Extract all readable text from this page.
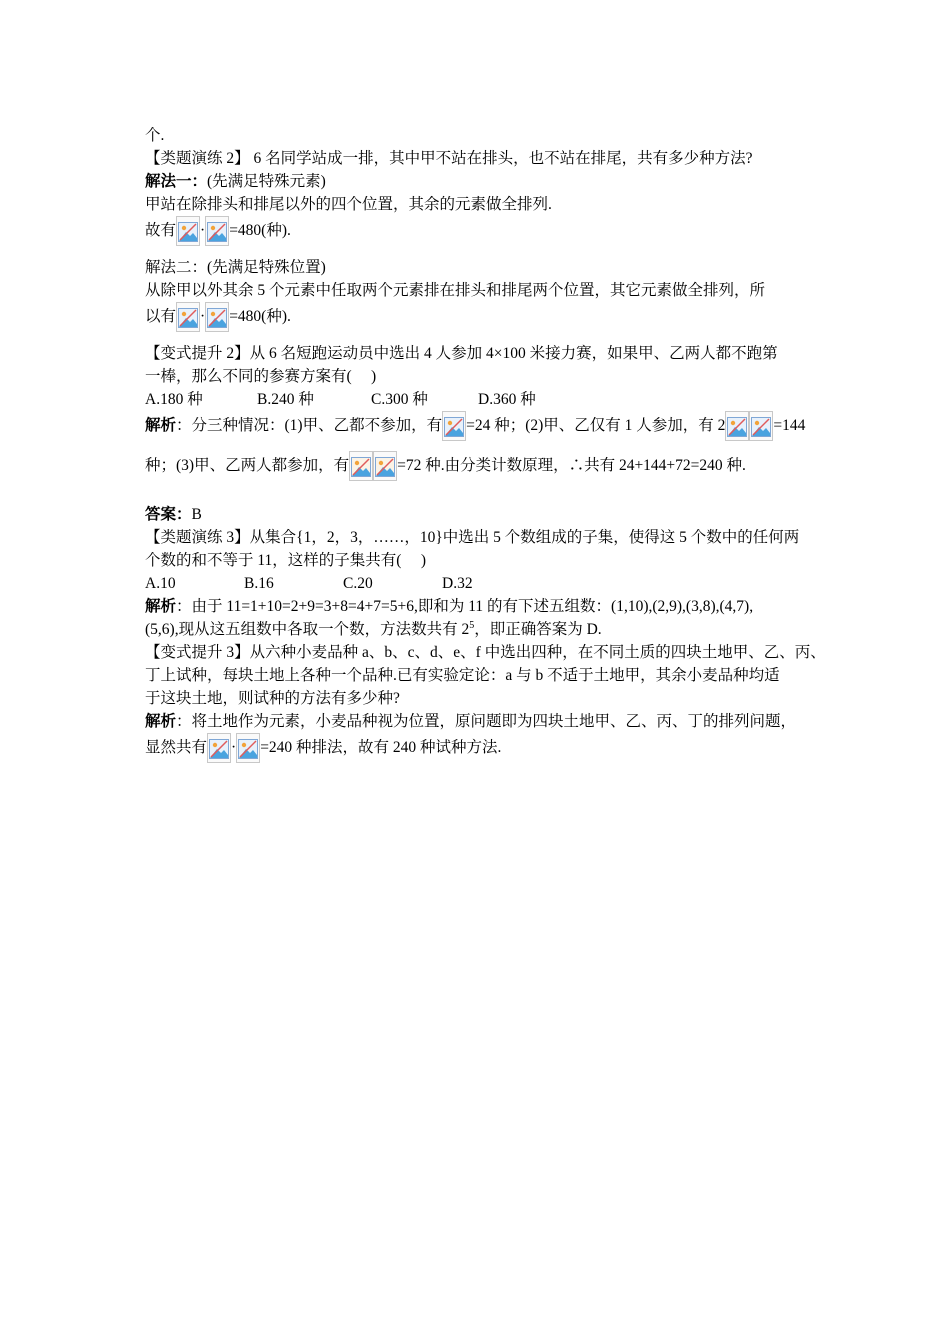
个.
【类题演练 2】 6 名同学站成一排，其中甲不站在排头，也不站在排尾，共有多少种方法?
解法一：(先满足特殊元素)
甲站在除排头和排尾以外的四个位置，其余的元素做全排列.
故有 · =480(种).
解法二：(先满足特殊位置)
从除甲以外其余 5 个元素中任取两个元素排在排头和排尾两个位置，其它元素做全排列，所
以有 · =480(种).
【变式提升 2】从 6 名短跑运动员中选出 4 人参加 4×100 米接力赛，如果甲、乙两人都不跑第
一棒，那么不同的参赛方案有(　 )
A.180 种	B.240 种	C.300 种	D.360 种
解析：分三种情况：(1)甲、乙都不参加，有 =24 种；(2)甲、乙仅有 1 人参加，有 2	=144
种；(3)甲、乙两人都参加，有	=72 种.由分类计数原理，∴共有 24+144+72=240 种.
答案：B
【类题演练 3】从集合{1，2，3，……，10}中选出 5 个数组成的子集，使得这 5 个数中的任何两
个数的和不等于 11，这样的子集共有(　 )
A.10	B.16	C.20	D.32
解析：由于 11=1+10=2+9=3+8=4+7=5+6,即和为 11 的有下述五组数：(1,10),(2,9),(3,8),(4,7),
(5,6),现从这五组数中各取一个数，方法数共有 $2^5$，即正确答案为 D.
【变式提升 3】从六种小麦品种 a、b、c、d、e、f 中选出四种，在不同土质的四块土地甲、乙、丙、
丁上试种，每块土地上各种一个品种.已有实验定论：a 与 b 不适于土地甲，其余小麦品种均适
于这块土地，则试种的方法有多少种?
解析：将土地作为元素，小麦品种视为位置，原问题即为四块土地甲、乙、丙、丁的排列问题，
显然共有 · =240 种排法，故有 240 种试种方法.
